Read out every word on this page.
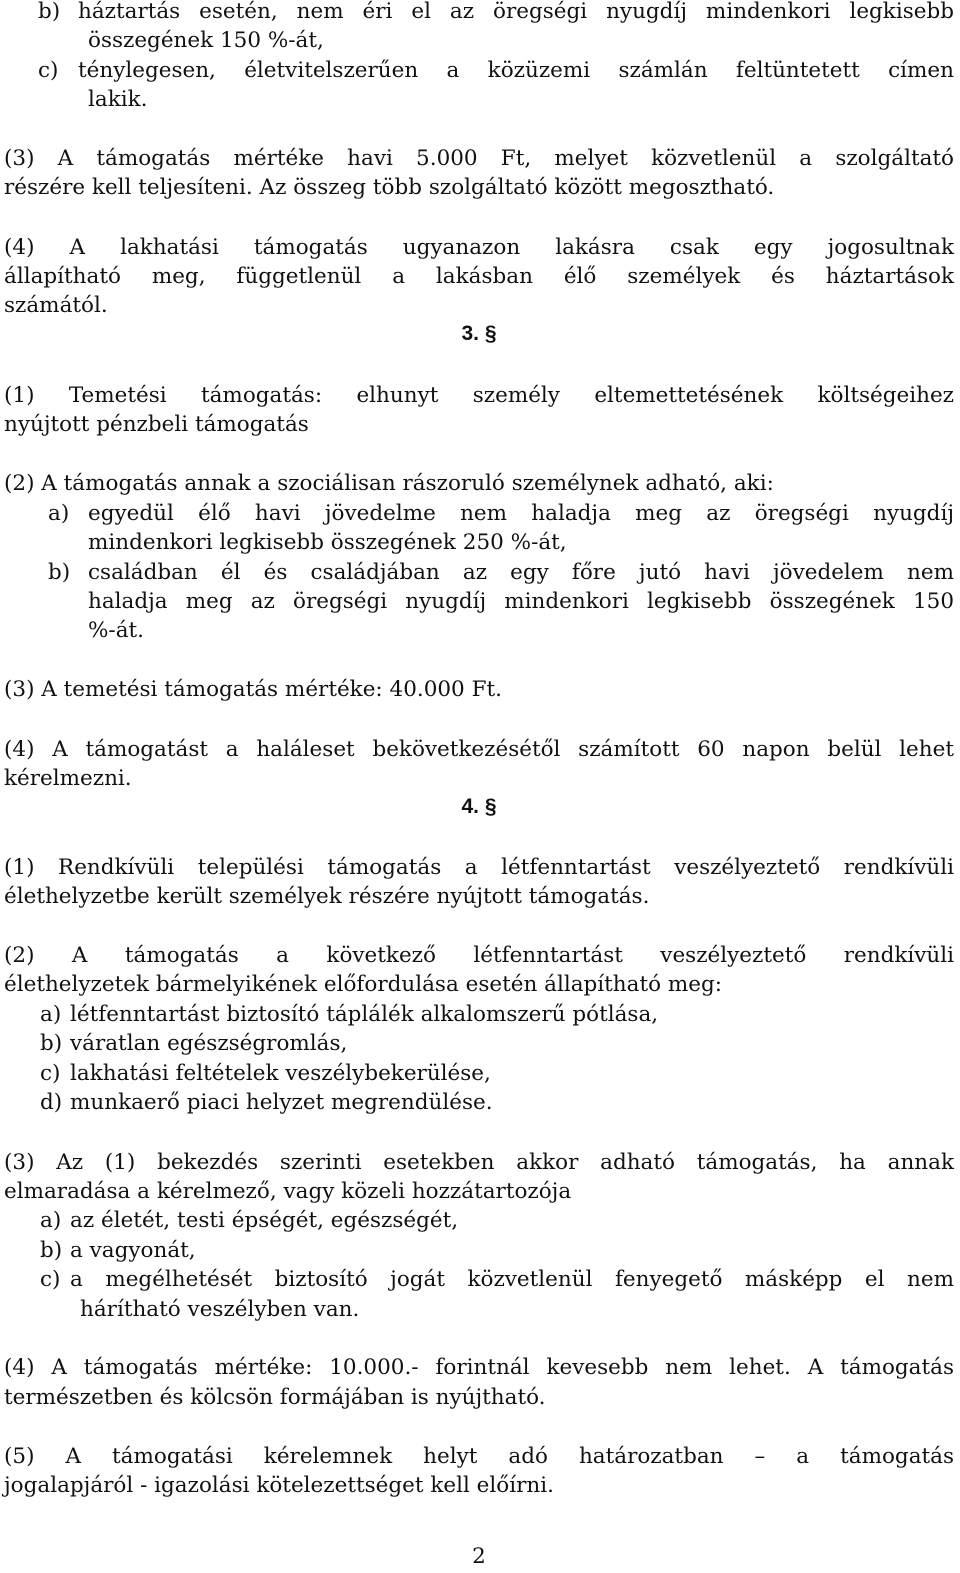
b) háztartás esetén, nem éri el az öregségi nyugdíj mindenkori legkisebb
összegének 150 %-át,
c) ténylegesen, életvitelszerűen a közüzemi számlán feltüntetett címen
lakik.
(3) A támogatás mértéke havi 5.000 Ft, melyet közvetlenül a szolgáltató
részére kell teljesíteni. Az összeg több szolgáltató között megosztható.
(4) A lakhatási támogatás ugyanazon lakásra csak egy jogosultnak
állapítható meg, függetlenül a lakásban élő személyek és háztartások
számától.
3. §
(1) Temetési támogatás: elhunyt személy eltemettetésének költségeihez
nyújtott pénzbeli támogatás
(2) A támogatás annak a szociálisan rászoruló személynek adható, aki:
a) egyedül élő havi jövedelme nem haladja meg az öregségi nyugdíj
mindenkori legkisebb összegének 250 %-át,
b) családban él és családjában az egy főre jutó havi jövedelem nem
haladja meg az öregségi nyugdíj mindenkori legkisebb összegének 150
%-át.
(3) A temetési támogatás mértéke: 40.000 Ft.
(4) A támogatást a haláleset bekövetkezésétől számított 60 napon belül lehet
kérelmezni.
4. §
(1) Rendkívüli települési támogatás a létfenntartást veszélyeztető rendkívüli
élethelyzetbe került személyek részére nyújtott támogatás.
(2) A támogatás a következő létfenntartást veszélyeztető rendkívüli
élethelyzetek bármelyikének előfordulása esetén állapítható meg:
a) létfenntartást biztosító táplálék alkalomszerű pótlása,
b) váratlan egészségromlás,
c) lakhatási feltételek veszélybekerülése,
d) munkaerő piaci helyzet megrendülése.
(3) Az (1) bekezdés szerinti esetekben akkor adható támogatás, ha annak
elmaradása a kérelmező, vagy közeli hozzátartozója
a) az életét, testi épségét, egészségét,
b) a vagyonát,
c) a megélhetését biztosító jogát közvetlenül fenyegető másképp el nem
hárítható veszélyben van.
(4) A támogatás mértéke: 10.000.- forintnál kevesebb nem lehet. A támogatás
természetben és kölcsön formájában is nyújtható.
(5) A támogatási kérelemnek helyt adó határozatban – a támogatás
jogalapjáról - igazolási kötelezettséget kell előírni.
2
